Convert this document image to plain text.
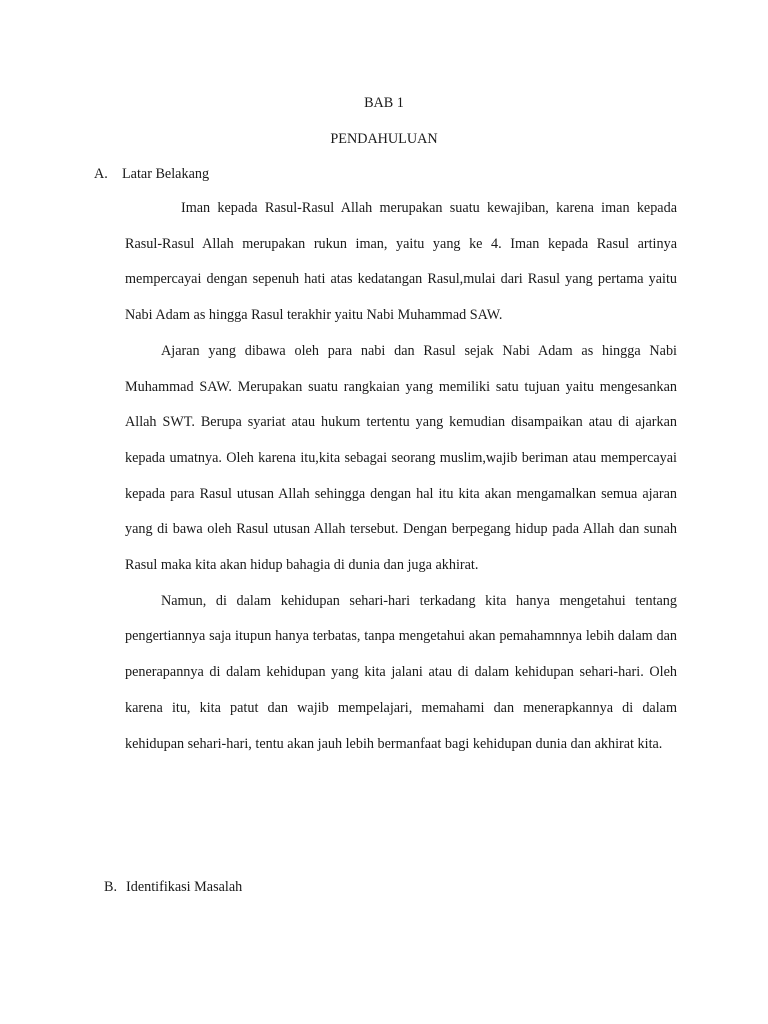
BAB 1
PENDAHULUAN
A. Latar Belakang

Iman kepada Rasul-Rasul Allah merupakan suatu kewajiban, karena iman kepada Rasul-Rasul Allah merupakan rukun iman, yaitu yang ke 4. Iman kepada Rasul artinya mempercayai dengan sepenuh hati atas kedatangan Rasul,mulai dari Rasul yang pertama yaitu Nabi Adam as hingga Rasul terakhir yaitu Nabi Muhammad SAW.

Ajaran yang dibawa oleh para nabi dan Rasul sejak Nabi Adam as hingga Nabi Muhammad SAW. Merupakan suatu rangkaian yang memiliki satu tujuan yaitu mengesankan Allah SWT. Berupa syariat atau hukum tertentu yang kemudian disampaikan atau di ajarkan kepada umatnya. Oleh karena itu,kita sebagai seorang muslim,wajib beriman atau mempercayai kepada para Rasul utusan Allah sehingga dengan hal itu kita akan mengamalkan semua ajaran yang di bawa oleh Rasul utusan Allah tersebut. Dengan berpegang hidup pada Allah dan sunah Rasul maka kita akan hidup bahagia di dunia dan juga akhirat.

Namun, di dalam kehidupan sehari-hari terkadang kita hanya mengetahui tentang pengertiannya saja itupun hanya terbatas, tanpa mengetahui akan pemahamnnya lebih dalam dan penerapannya di dalam kehidupan yang kita jalani atau di dalam kehidupan sehari-hari. Oleh karena itu, kita patut dan wajib mempelajari, memahami dan menerapkannya di dalam kehidupan sehari-hari, tentu akan jauh lebih bermanfaat bagi kehidupan dunia dan akhirat kita.

B. Identifikasi Masalah
